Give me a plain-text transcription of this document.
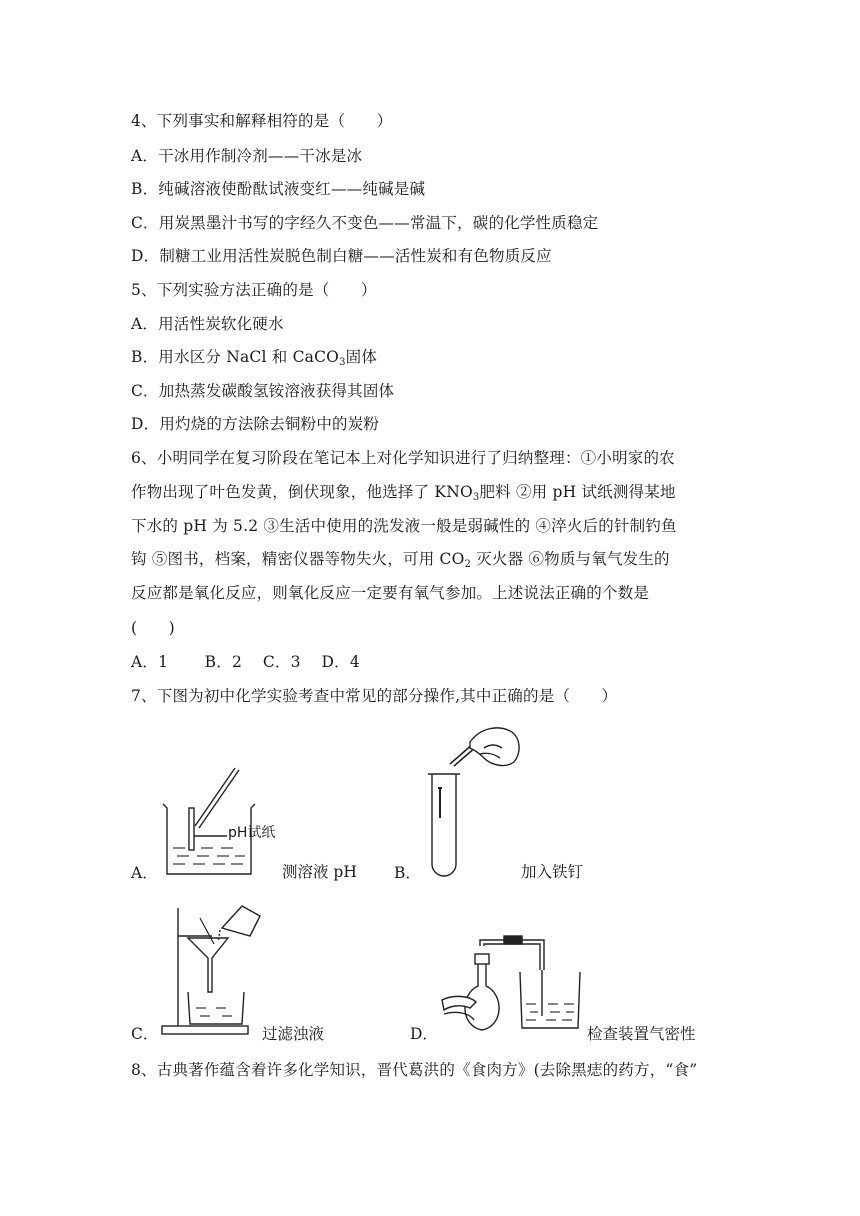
4、下列事实和解释相符的是（　　）
A．干冰用作制冷剂——干冰是冰
B．纯碱溶液使酚酞试液变红——纯碱是碱
C．用炭黑墨汁书写的字经久不变色——常温下，碳的化学性质稳定
D．制糖工业用活性炭脱色制白糖——活性炭和有色物质反应
5、下列实验方法正确的是（　　）
A．用活性炭软化硬水
B．用水区分 NaCl 和 CaCO$_3$固体
C．加热蒸发碳酸氢铵溶液获得其固体
D．用灼烧的方法除去铜粉中的炭粉
6、小明同学在复习阶段在笔记本上对化学知识进行了归纳整理：①小明家的农
作物出现了叶色发黄，倒伏现象，他选择了 $KNO_3$肥料 ②用 pH 试纸测得某地
下水的 pH 为 5.2 ③生活中使用的洗发液一般是弱碱性的 ④淬火后的针制钓鱼
钩 ⑤图书，档案，精密仪器等物失火，可用 $CO_2$ 灭火器 ⑥物质与氧气发生的
反应都是氧化反应，则氧化反应一定要有氧气参加。上述说法正确的个数是
(　　)
A．1　　 B．2　 C．3　 D．4
7、下图为初中化学实验考查中常见的部分操作,其中正确的是（　　）
pH试纸
A．	测溶液 pH B．	加入铁钉
C．	过滤浊液	D．	检查装置气密性
8、古典著作蕴含着许多化学知识，晋代葛洪的《食肉方》(去除黑痣的药方，“食”
